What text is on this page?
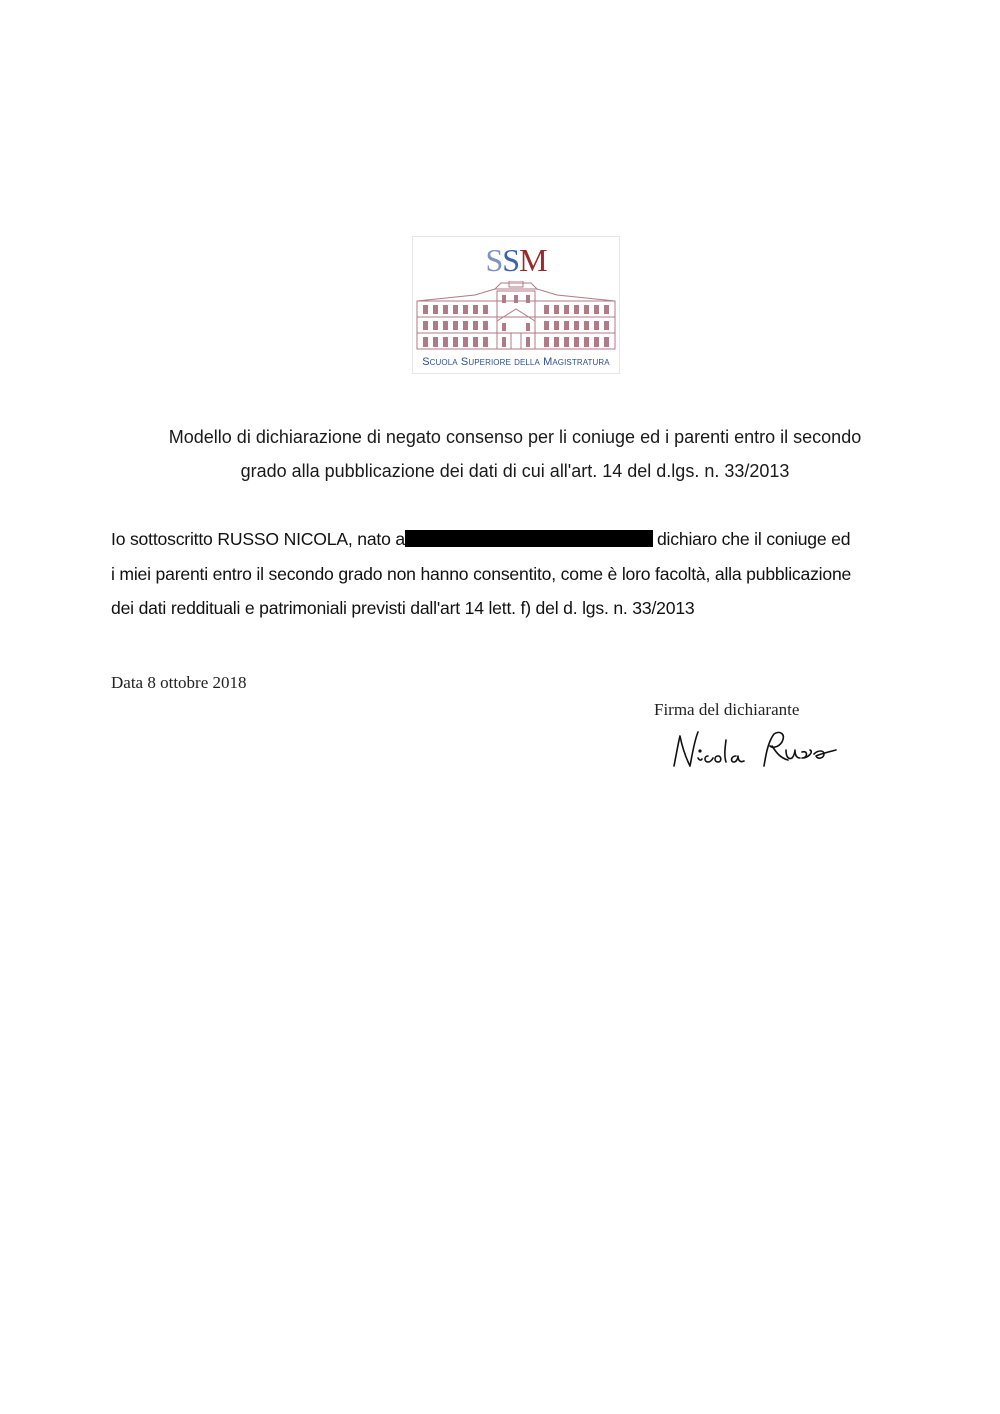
SSM
Scuola Superiore della Magistratura
Modello di dichiarazione di negato consenso per li coniuge ed i parenti entro il secondo
grado alla pubblicazione dei dati di cui all'art. 14 del d.lgs. n. 33/2013
Io sottoscritto RUSSO NICOLA, nato a	dichiaro che il coniuge ed
i miei parenti entro il secondo grado non hanno consentito, come è loro facoltà, alla pubblicazione
dei dati reddituali e patrimoniali previsti dall'art 14 lett. f) del d. lgs. n. 33/2013
Data 8 ottobre 2018
Firma del dichiarante
